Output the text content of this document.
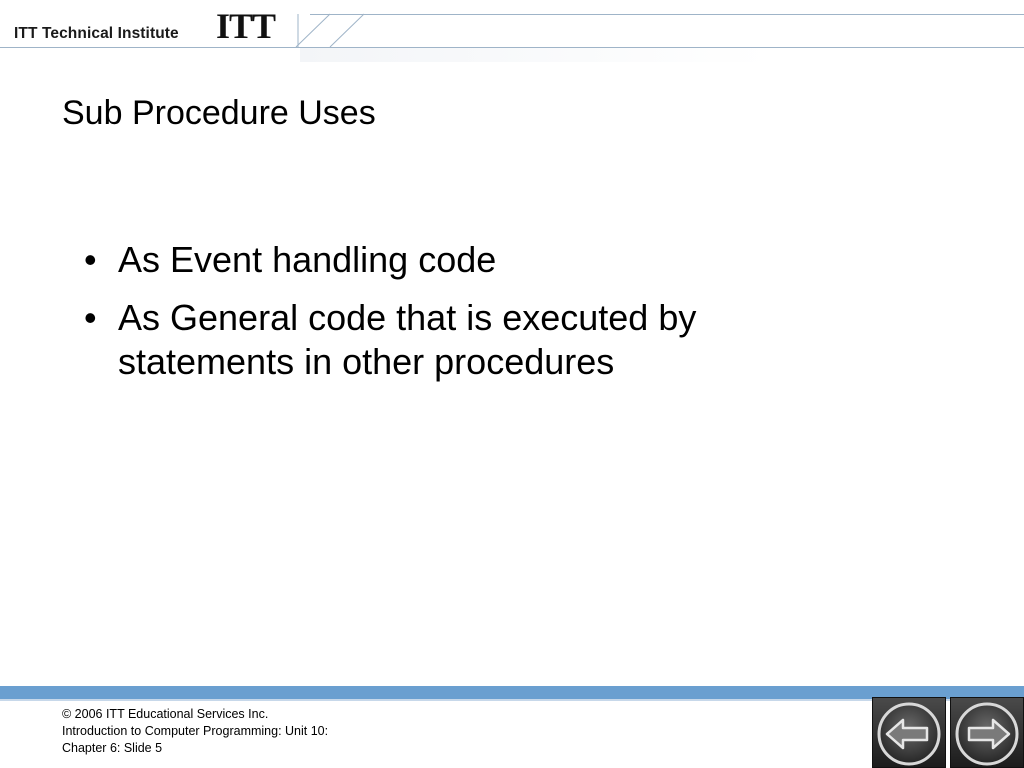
ITT Technical Institute ITT
Sub Procedure Uses
• As Event handling code
• As General code that is executed by statements in other procedures
© 2006 ITT Educational Services Inc.
Introduction to Computer Programming: Unit 10:
Chapter 6: Slide 5
